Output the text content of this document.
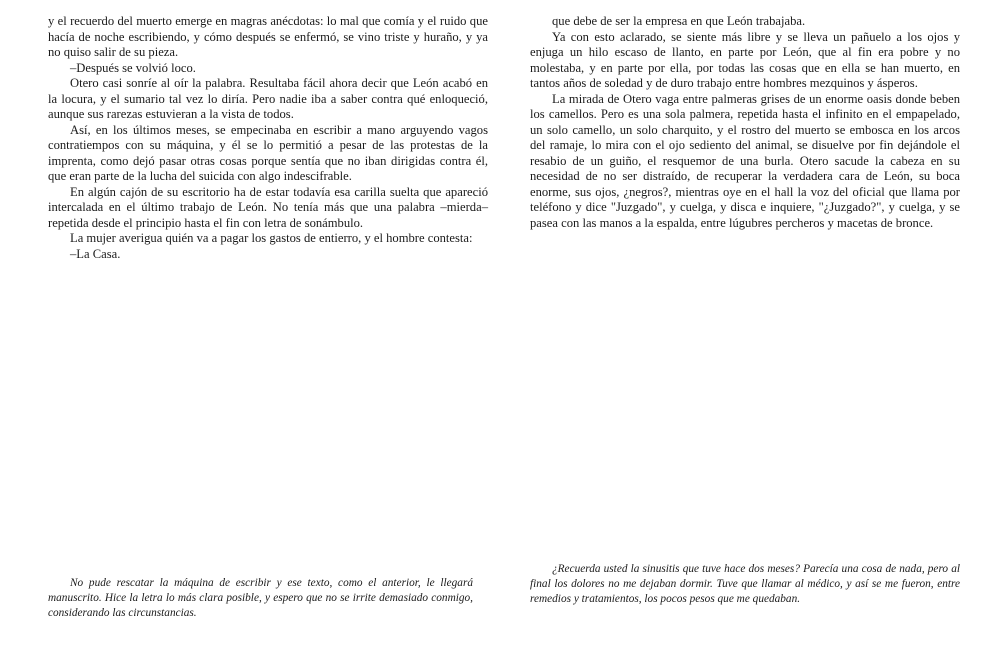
y el recuerdo del muerto emerge en magras anécdotas: lo mal que comía y el ruido que hacía de noche escribiendo, y cómo después se enfermó, se vino triste y huraño, y ya no quiso salir de su pieza.

–Después se volvió loco.

Otero casi sonríe al oír la palabra. Resultaba fácil ahora decir que León acabó en la locura, y el sumario tal vez lo diría. Pero nadie iba a saber contra qué enloqueció, aunque sus rarezas estuvieran a la vista de todos.

Así, en los últimos meses, se empecinaba en escribir a mano arguyendo vagos contratiempos con su máquina, y él se lo permitió a pesar de las protestas de la imprenta, como dejó pasar otras cosas porque sentía que no iban dirigidas contra él, que eran parte de la lucha del suicida con algo indescifrable.

En algún cajón de su escritorio ha de estar todavía esa carilla suelta que apareció intercalada en el último trabajo de León. No tenía más que una palabra –mierda– repetida desde el principio hasta el fin con letra de sonámbulo.

La mujer averigua quién va a pagar los gastos de entierro, y el hombre contesta:

–La Casa.

No pude rescatar la máquina de escribir y ese texto, como el anterior, le llegará manuscrito. Hice la letra lo más clara posible, y espero que no se irrite demasiado conmigo, considerando las circunstancias.

que debe de ser la empresa en que León trabajaba.

Ya con esto aclarado, se siente más libre y se lleva un pañuelo a los ojos y enjuga un hilo escaso de llanto, en parte por León, que al fin era pobre y no molestaba, y en parte por ella, por todas las cosas que en ella se han muerto, en tantos años de soledad y de duro trabajo entre hombres mezquinos y ásperos.

La mirada de Otero vaga entre palmeras grises de un enorme oasis donde beben los camellos. Pero es una sola palmera, repetida hasta el infinito en el empapelado, un solo camello, un solo charquito, y el rostro del muerto se embosca en los arcos del ramaje, lo mira con el ojo sediento del animal, se disuelve por fin dejándole el resabio de un guiño, el resquemor de una burla. Otero sacude la cabeza en su necesidad de no ser distraído, de recuperar la verdadera cara de León, su boca enorme, sus ojos, ¿negros?, mientras oye en el hall la voz del oficial que llama por teléfono y dice "Juzgado", y cuelga, y disca e inquiere, "¿Juzgado?", y cuelga, y se pasea con las manos a la espalda, entre lúgubres percheros y macetas de bronce.

¿Recuerda usted la sinusitis que tuve hace dos meses? Parecía una cosa de nada, pero al final los dolores no me dejaban dormir. Tuve que llamar al médico, y así se me fueron, entre remedios y tratamientos, los pocos pesos que me quedaban.
